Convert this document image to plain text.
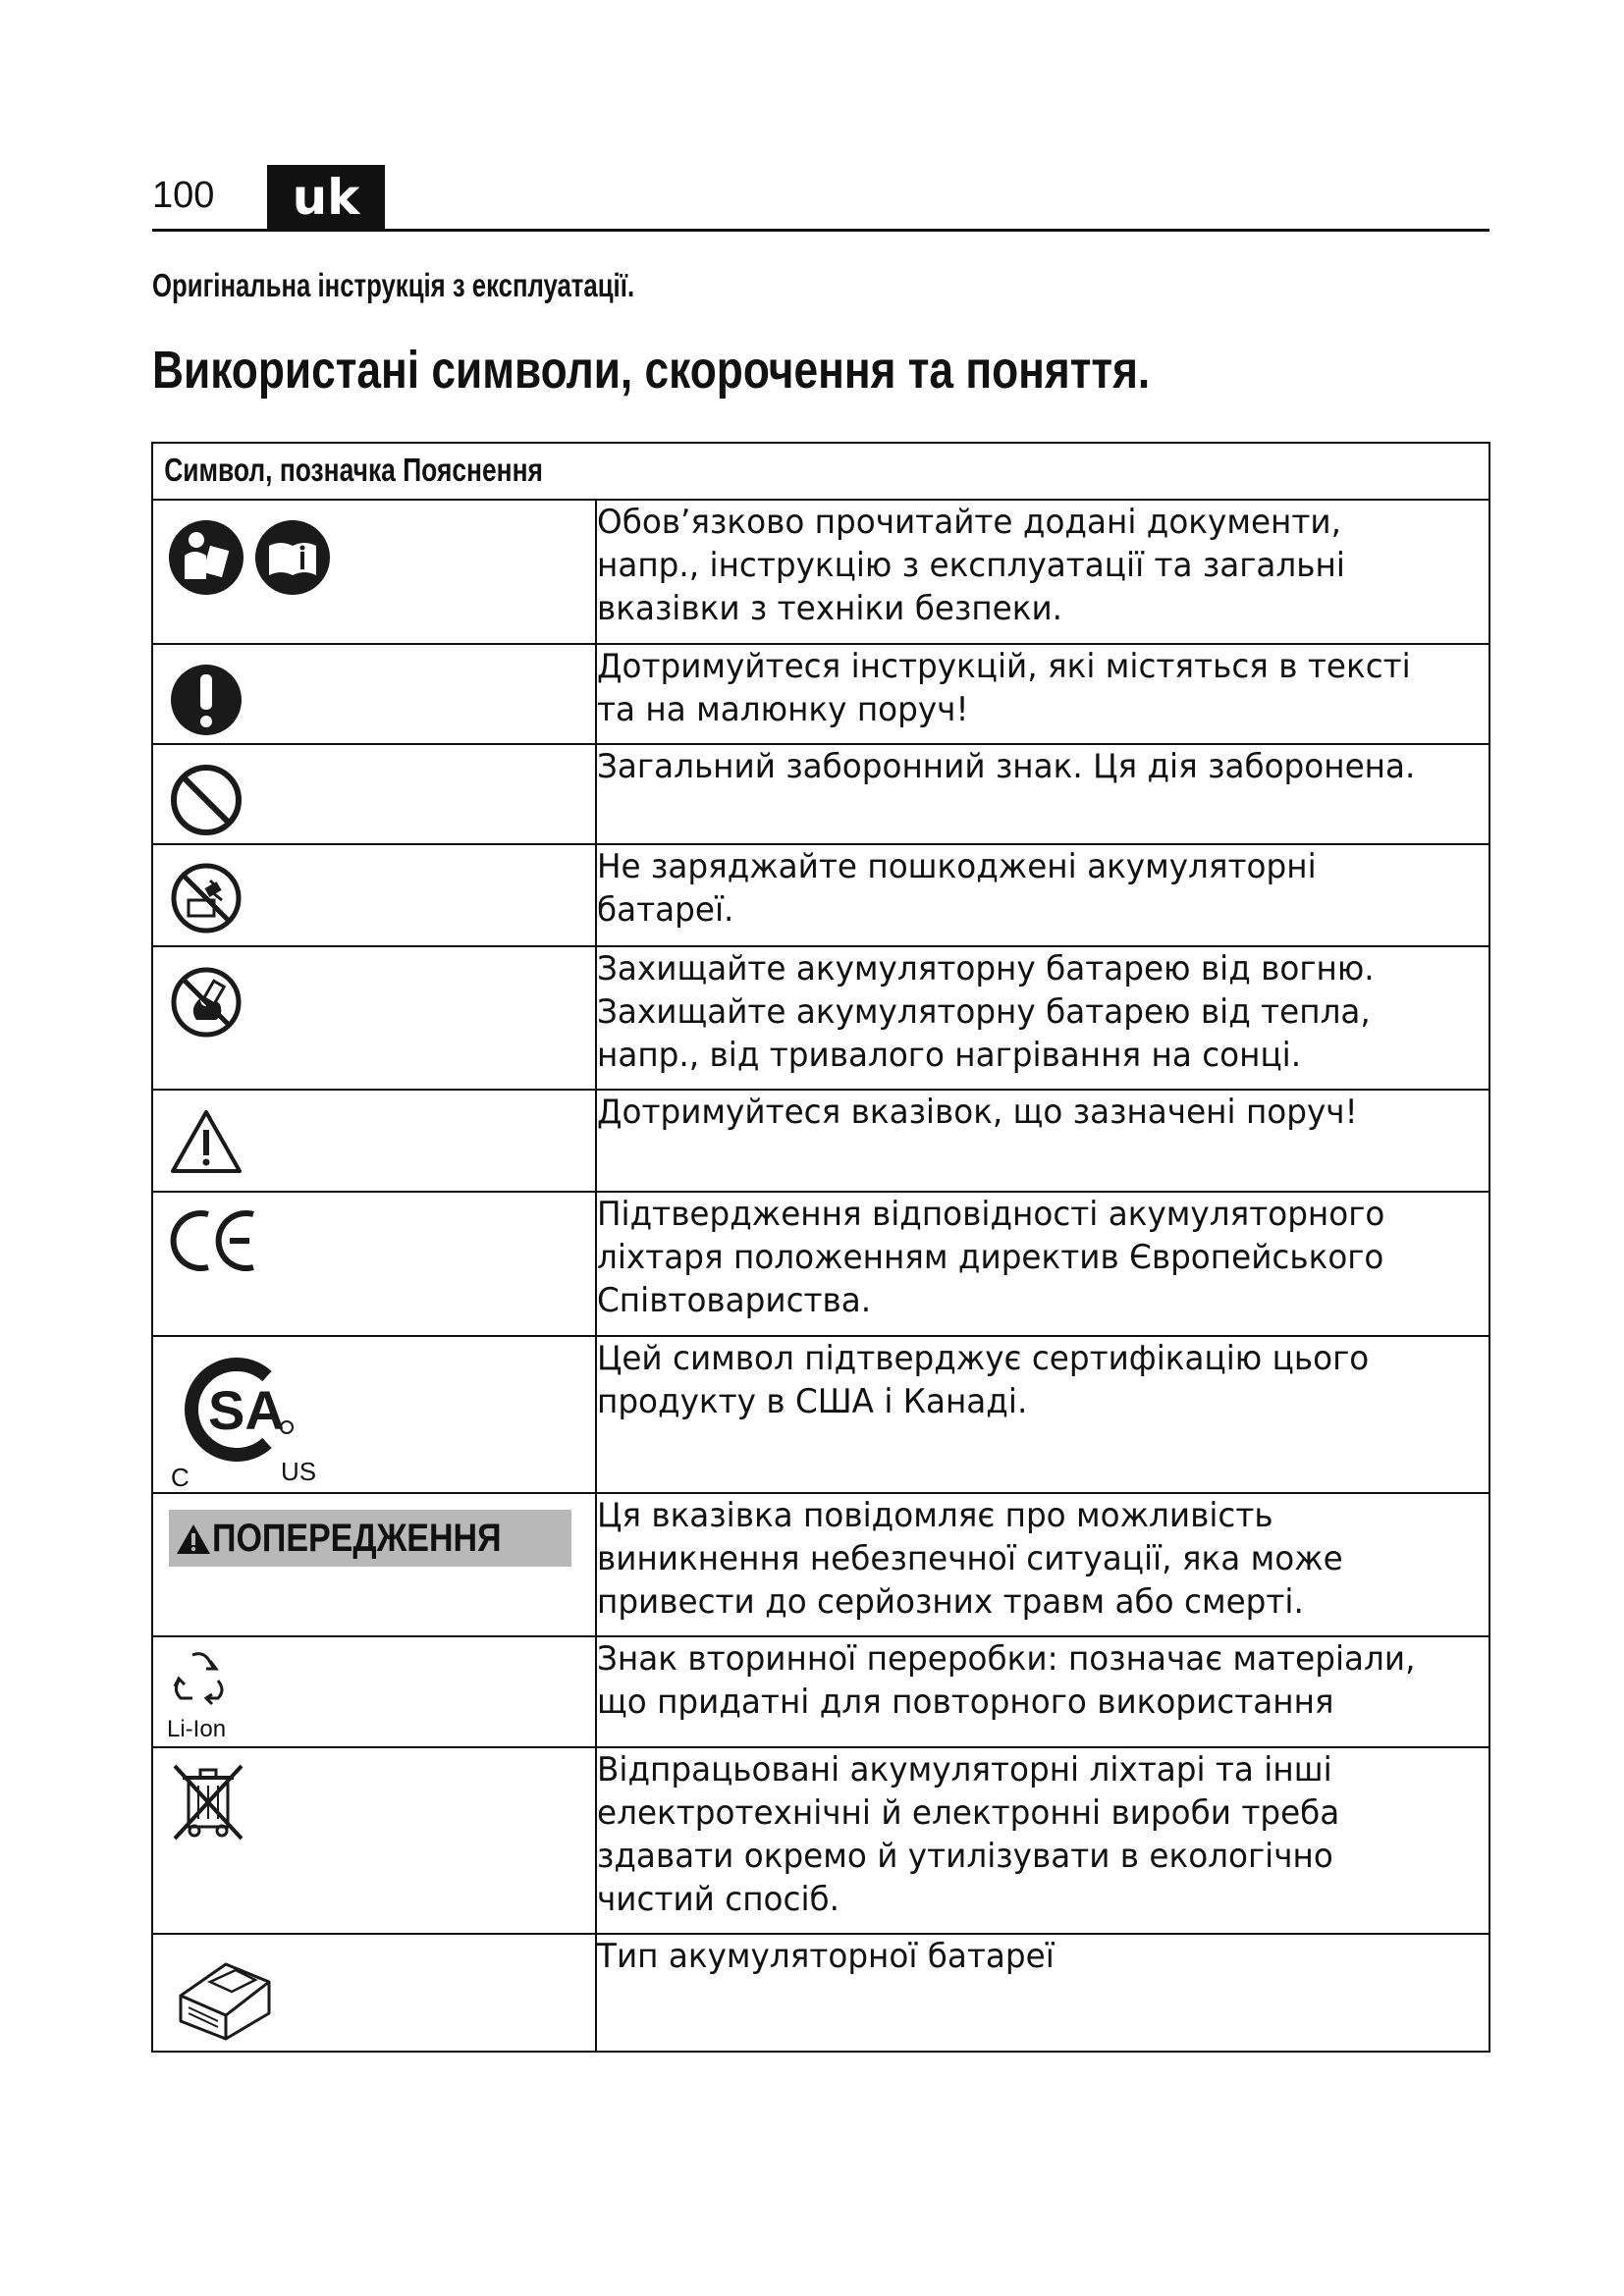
100	uk
Оригінальна інструкція з експлуатації.
Використані символи, скорочення та поняття.
Символ, позначка Пояснення	

Обов’язково прочитайте додані документи, напр., інструкцію з експлуатації та загальні вказівки з техніки безпеки.

Дотримуйтеся інструкцій, які містяться в тексті та на малюнку поруч!

Загальний заборонний знак. Ця дія заборонена.

Не заряджайте пошкоджені акумуляторні батареї.

Захищайте акумуляторну батарею від вогню. Захищайте акумуляторну батарею від тепла, напр., від тривалого нагрівання на сонці.

Дотримуйтеся вказівок, що зазначені поруч!

Підтвердження відповідності акумуляторного ліхтаря положенням директив Європейського Співтовариства.

SA
C US	Цей символ підтверджує сертифікацію цього продукту в США і Канаді.

ПОПЕРЕДЖЕННЯ	Ця вказівка повідомляє про можливість виникнення небезпечної ситуації, яка може привести до серйозних травм або смерті.

Li-Ion	Знак вторинної переробки: позначає матеріали, що придатні для повторного використання

Відпрацьовані акумуляторні ліхтарі та інші електротехнічні й електронні вироби треба здавати окремо й утилізувати в екологічно чистий спосіб.

Тип акумуляторної батареї
